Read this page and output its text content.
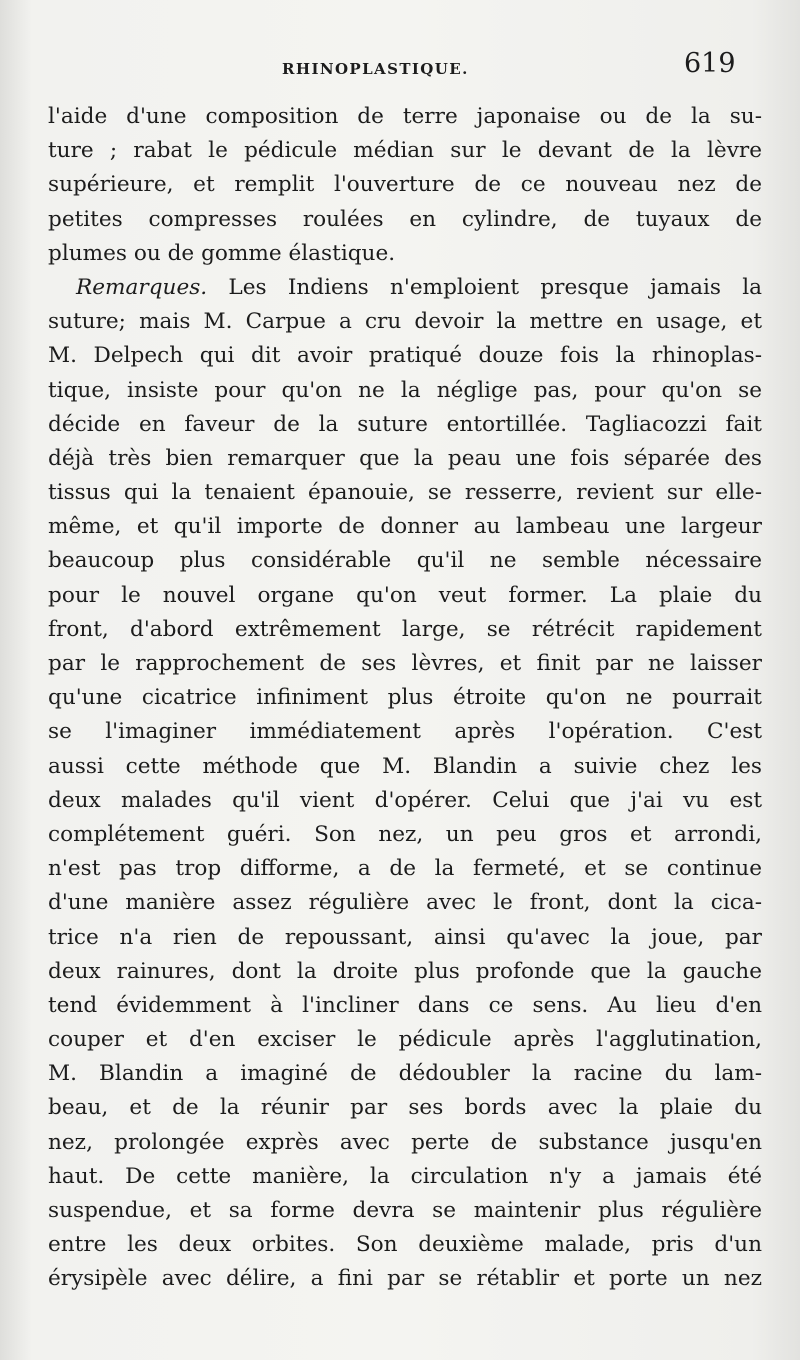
RHINOPLASTIQUE.	619
l'aide d'une composition de terre japonaise ou de la su-
ture ; rabat le pédicule médian sur le devant de la lèvre
supérieure, et remplit l'ouverture de ce nouveau nez de
petites compresses roulées en cylindre, de tuyaux de
plumes ou de gomme élastique.
Remarques. Les Indiens n'emploient presque jamais la
suture; mais M. Carpue a cru devoir la mettre en usage, et
M. Delpech qui dit avoir pratiqué douze fois la rhinoplas-
tique, insiste pour qu'on ne la néglige pas, pour qu'on se
décide en faveur de la suture entortillée. Tagliacozzi fait
déjà très bien remarquer que la peau une fois séparée des
tissus qui la tenaient épanouie, se resserre, revient sur elle-
même, et qu'il importe de donner au lambeau une largeur
beaucoup plus considérable qu'il ne semble nécessaire
pour le nouvel organe qu'on veut former. La plaie du
front, d'abord extrêmement large, se rétrécit rapidement
par le rapprochement de ses lèvres, et finit par ne laisser
qu'une cicatrice infiniment plus étroite qu'on ne pourrait
se l'imaginer immédiatement après l'opération. C'est
aussi cette méthode que M. Blandin a suivie chez les
deux malades qu'il vient d'opérer. Celui que j'ai vu est
complétement guéri. Son nez, un peu gros et arrondi,
n'est pas trop difforme, a de la fermeté, et se continue
d'une manière assez régulière avec le front, dont la cica-
trice n'a rien de repoussant, ainsi qu'avec la joue, par
deux rainures, dont la droite plus profonde que la gauche
tend évidemment à l'incliner dans ce sens. Au lieu d'en
couper et d'en exciser le pédicule après l'agglutination,
M. Blandin a imaginé de dédoubler la racine du lam-
beau, et de la réunir par ses bords avec la plaie du
nez, prolongée exprès avec perte de substance jusqu'en
haut. De cette manière, la circulation n'y a jamais été
suspendue, et sa forme devra se maintenir plus régulière
entre les deux orbites. Son deuxième malade, pris d'un
érysipèle avec délire, a fini par se rétablir et porte un nez
